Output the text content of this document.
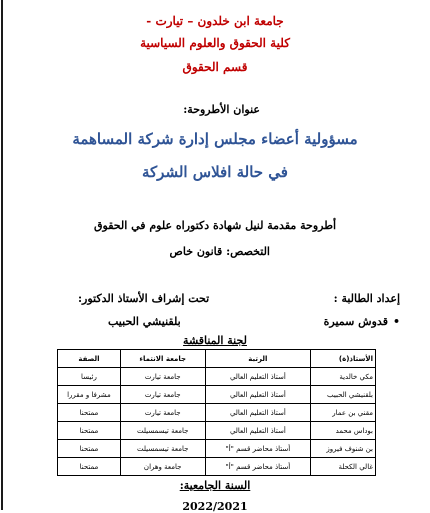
جامعة ابن خلدون – تيارت -
كلية الحقوق والعلوم السياسية
قسم الحقوق
عنوان الأطروحة:
مسؤولية أعضاء مجلس إدارة شركة المساهمة
في حالة افلاس الشركة
أطروحة مقدمة لنيل شهادة دكتوراه علوم في الحقوق
التخصص: قانون خاص
إعداد الطالبة :
•قدوش سميرة
تحت إشراف الأستاذ الدكتور:
بلقنيشي الحبيب
لجنة المناقشة
الأستاذ(ة)	الرتبة	جامعة الانتماء	الصفة
مكي خالدية	أستاذ التعليم العالي	جامعة تيارت	رئيسا
بلقنيشي الحبيب	أستاذ التعليم العالي	جامعة تيارت	مشرفا و مقررا
مقني بن عمار	أستاذ التعليم العالي	جامعة تيارت	ممتحنا
بوداس محمد	أستاذ التعليم العالي	جامعة تيسمسيلت	ممتحنا
بن شنوف فيروز	أستاذ محاضر قسم "أ"	جامعة تيسمسيلت	ممتحنا
غالي الكحلة	أستاذ محاضر قسم "أ"	جامعة وهران	ممتحنا
السنة الجامعية:
2022/2021
